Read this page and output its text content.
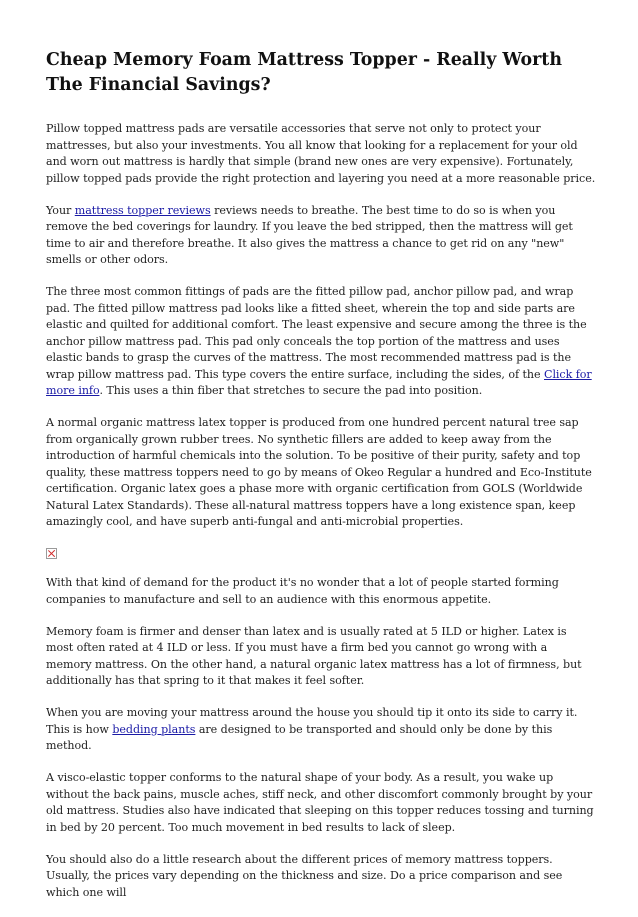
Cheap Memory Foam Mattress Topper - Really Worth The Financial Savings?

Pillow topped mattress pads are versatile accessories that serve not only to protect your mattresses, but also your investments. You all know that looking for a replacement for your old and worn out mattress is hardly that simple (brand new ones are very expensive). Fortunately, pillow topped pads provide the right protection and layering you need at a more reasonable price.

Your mattress topper reviews reviews needs to breathe. The best time to do so is when you remove the bed coverings for laundry. If you leave the bed stripped, then the mattress will get time to air and therefore breathe. It also gives the mattress a chance to get rid on any "new" smells or other odors.

The three most common fittings of pads are the fitted pillow pad, anchor pillow pad, and wrap pad. The fitted pillow mattress pad looks like a fitted sheet, wherein the top and side parts are elastic and quilted for additional comfort. The least expensive and secure among the three is the anchor pillow mattress pad. This pad only conceals the top portion of the mattress and uses elastic bands to grasp the curves of the mattress. The most recommended mattress pad is the wrap pillow mattress pad. This type covers the entire surface, including the sides, of the Click for more info. This uses a thin fiber that stretches to secure the pad into position.

A normal organic mattress latex topper is produced from one hundred percent natural tree sap from organically grown rubber trees. No synthetic fillers are added to keep away from the introduction of harmful chemicals into the solution. To be positive of their purity, safety and top quality, these mattress toppers need to go by means of Okeo Regular a hundred and Eco-Institute certification. Organic latex goes a phase more with organic certification from GOLS (Worldwide Natural Latex Standards). These all-natural mattress toppers have a long existence span, keep amazingly cool, and have superb anti-fungal and anti-microbial properties.

With that kind of demand for the product it's no wonder that a lot of people started forming companies to manufacture and sell to an audience with this enormous appetite.

Memory foam is firmer and denser than latex and is usually rated at 5 ILD or higher. Latex is most often rated at 4 ILD or less. If you must have a firm bed you cannot go wrong with a memory mattress. On the other hand, a natural organic latex mattress has a lot of firmness, but additionally has that spring to it that makes it feel softer.

When you are moving your mattress around the house you should tip it onto its side to carry it. This is how bedding plants are designed to be transported and should only be done by this method.

A visco-elastic topper conforms to the natural shape of your body. As a result, you wake up without the back pains, muscle aches, stiff neck, and other discomfort commonly brought by your old mattress. Studies also have indicated that sleeping on this topper reduces tossing and turning in bed by 20 percent. Too much movement in bed results to lack of sleep.

You should also do a little research about the different prices of memory mattress toppers. Usually, the prices vary depending on the thickness and size. Do a price comparison and see which one will
